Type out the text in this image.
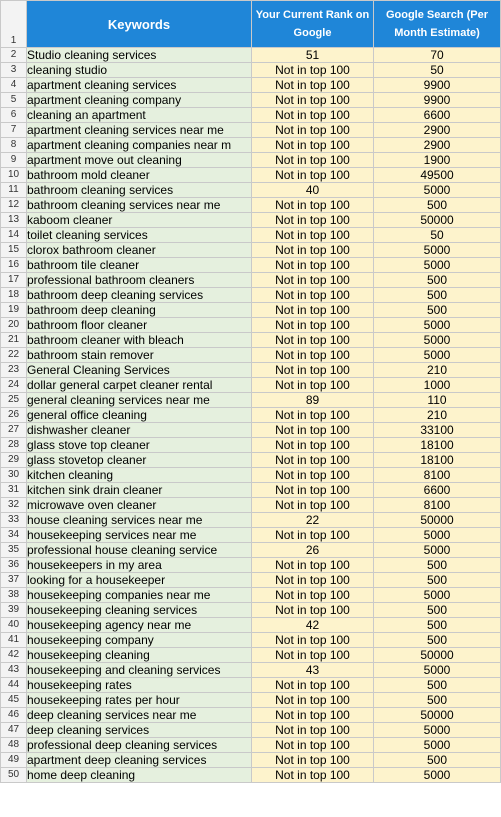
1	Keywords	Your Current Rank on Google	Google Search (Per Month Estimate)
2	Studio cleaning services	51	70
3	cleaning studio	Not in top 100	50
4	apartment cleaning services	Not in top 100	9900
5	apartment cleaning company	Not in top 100	9900
6	cleaning an apartment	Not in top 100	6600
7	apartment cleaning services near me	Not in top 100	2900
8	apartment cleaning companies near m	Not in top 100	2900
9	apartment move out cleaning	Not in top 100	1900
10	bathroom mold cleaner	Not in top 100	49500
11	bathroom cleaning services	40	5000
12	bathroom cleaning services near me	Not in top 100	500
13	kaboom cleaner	Not in top 100	50000
14	toilet cleaning services	Not in top 100	50
15	clorox bathroom cleaner	Not in top 100	5000
16	bathroom tile cleaner	Not in top 100	5000
17	professional bathroom cleaners	Not in top 100	500
18	bathroom deep cleaning services	Not in top 100	500
19	bathroom deep cleaning	Not in top 100	500
20	bathroom floor cleaner	Not in top 100	5000
21	bathroom cleaner with bleach	Not in top 100	5000
22	bathroom stain remover	Not in top 100	5000
23	General Cleaning Services	Not in top 100	210
24	dollar general carpet cleaner rental	Not in top 100	1000
25	general cleaning services near me	89	110
26	general office cleaning	Not in top 100	210
27	dishwasher cleaner	Not in top 100	33100
28	glass stove top cleaner	Not in top 100	18100
29	glass stovetop cleaner	Not in top 100	18100
30	kitchen cleaning	Not in top 100	8100
31	kitchen sink drain cleaner	Not in top 100	6600
32	microwave oven cleaner	Not in top 100	8100
33	house cleaning services near me	22	50000
34	housekeeping services near me	Not in top 100	5000
35	professional house cleaning service	26	5000
36	housekeepers in my area	Not in top 100	500
37	looking for a housekeeper	Not in top 100	500
38	housekeeping companies near me	Not in top 100	5000
39	housekeeping cleaning services	Not in top 100	500
40	housekeeping agency near me	42	500
41	housekeeping company	Not in top 100	500
42	housekeeping cleaning	Not in top 100	50000
43	housekeeping and cleaning services	43	5000
44	housekeeping rates	Not in top 100	500
45	housekeeping rates per hour	Not in top 100	500
46	deep cleaning services near me	Not in top 100	50000
47	deep cleaning services	Not in top 100	5000
48	professional deep cleaning services	Not in top 100	5000
49	apartment deep cleaning services	Not in top 100	500
50	home deep cleaning	Not in top 100	5000
